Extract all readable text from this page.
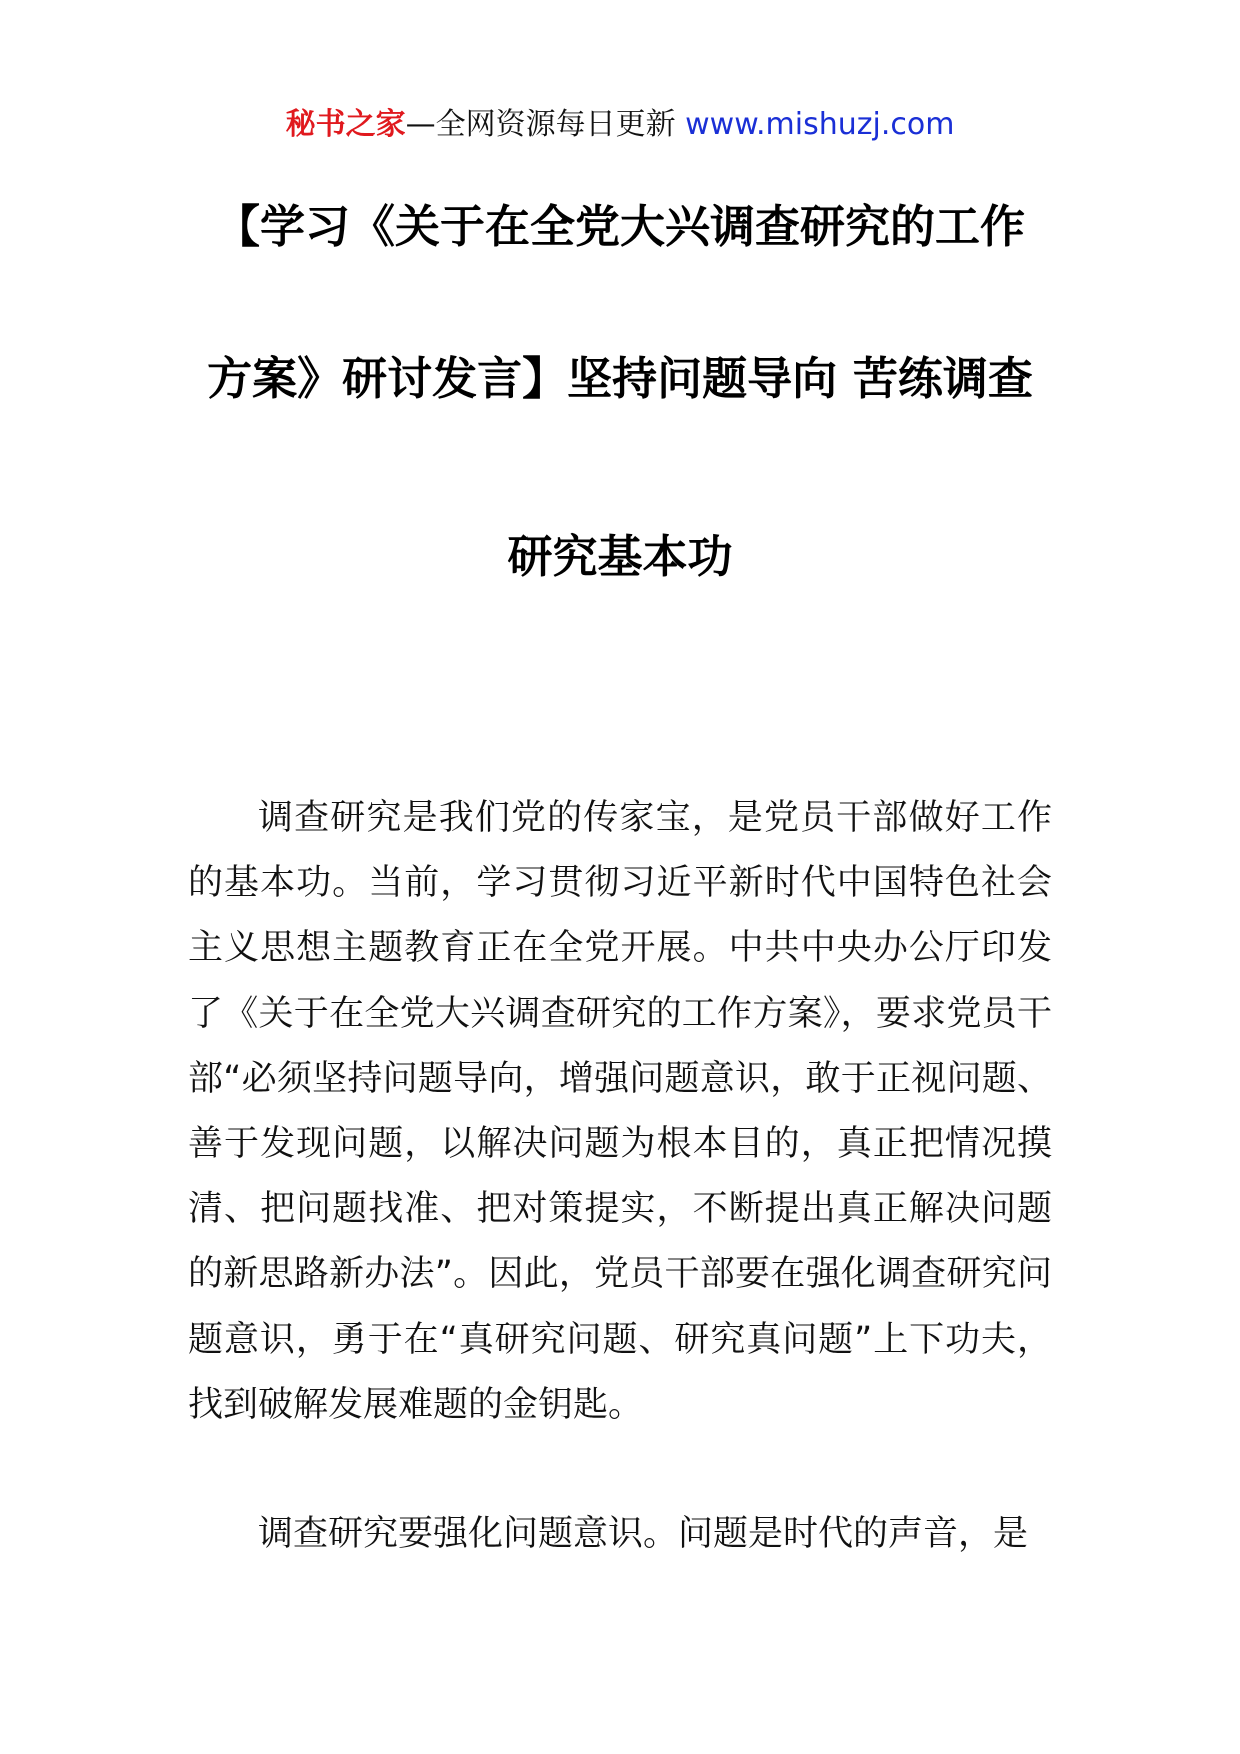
秘书之家—全网资源每日更新 www.mishuzj.com
【学习《关于在全党大兴调查研究的工作
方案》研讨发言】坚持问题导向 苦练调查
研究基本功

调查研究是我们党的传家宝，是党员干部做好工作的基本功。当前，学习贯彻习近平新时代中国特色社会主义思想主题教育正在全党开展。中共中央办公厅印发了《关于在全党大兴调查研究的工作方案》，要求党员干部“必须坚持问题导向，增强问题意识，敢于正视问题、善于发现问题，以解决问题为根本目的，真正把情况摸清、把问题找准、把对策提实，不断提出真正解决问题的新思路新办法”。因此，党员干部要在强化调查研究问题意识，勇于在“真研究问题、研究真问题”上下功夫，找到破解发展难题的金钥匙。

调查研究要强化问题意识。问题是时代的声音，是
